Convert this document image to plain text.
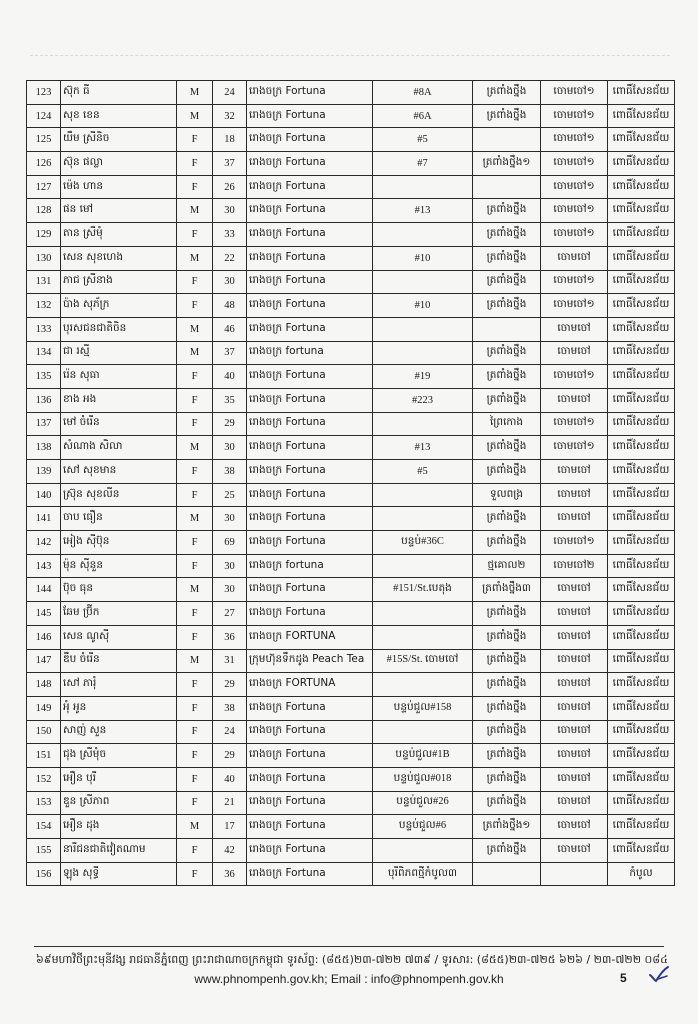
123	ស៊ុក ធី	M	24	រោងចក្រ Fortuna	#8A	ត្រពាំងថ្នឹង	ចោមចៅ១	ពោធិ៍សែនជ័យ
124	សុខ ខេន	M	32	រោងចក្រ Fortuna	#6A	ត្រពាំងថ្នឹង	ចោមចៅ១	ពោធិ៍សែនជ័យ
125	យឹម ស្រីនិច	F	18	រោងចក្រ Fortuna	#5		ចោមចៅ១	ពោធិ៍សែនជ័យ
126	ស៊ុន ផល្លា	F	37	រោងចក្រ Fortuna	#7	ត្រពាំងថ្នឹង១	ចោមចៅ១	ពោធិ៍សែនជ័យ
127	ម៉េង ហាន	F	26	រោងចក្រ Fortuna			ចោមចៅ១	ពោធិ៍សែនជ័យ
128	ផន មៅ	M	30	រោងចក្រ Fortuna	#13	ត្រពាំងថ្នឹង	ចោមចៅ១	ពោធិ៍សែនជ័យ
129	តាន ស្រីមុំ	F	33	រោងចក្រ Fortuna		ត្រពាំងថ្នឹង	ចោមចៅ១	ពោធិ៍សែនជ័យ
130	សេន សុខហេង	M	22	រោងចក្រ Fortuna	#10	ត្រពាំងថ្នឹង	ចោមចៅ	ពោធិ៍សែនជ័យ
131	ភាជ ស្រីនាង	F	30	រោងចក្រ Fortuna		ត្រពាំងថ្នឹង	ចោមចៅ១	ពោធិ៍សែនជ័យ
132	ប៉ាង សុភ័ក្រ	F	48	រោងចក្រ Fortuna	#10	ត្រពាំងថ្នឹង	ចោមចៅ១	ពោធិ៍សែនជ័យ
133	បុរសជនជាតិចិន	M	46	រោងចក្រ Fortuna			ចោមចៅ	ពោធិ៍សែនជ័យ
134	ជា រស្មី	M	37	រោងចក្រ fortuna		ត្រពាំងថ្នឹង	ចោមចៅ	ពោធិ៍សែនជ័យ
135	រ៉េន សុធា	F	40	រោងចក្រ Fortuna	#19	ត្រពាំងថ្នឹង	ចោមចៅ១	ពោធិ៍សែនជ័យ
136	ខាង អង	F	35	រោងចក្រ Fortuna	#223	ត្រពាំងថ្នឹង	ចោមចៅ	ពោធិ៍សែនជ័យ
137	មៅ ចំរើន	F	29	រោងចក្រ Fortuna		ព្រៃកោង	ចោមចៅ១	ពោធិ៍សែនជ័យ
138	សំណាង សិលា	M	30	រោងចក្រ Fortuna	#13	ត្រពាំងថ្នឹង	ចោមចៅ១	ពោធិ៍សែនជ័យ
139	សៅ សុខមាន	F	38	រោងចក្រ Fortuna	#5	ត្រពាំងថ្នឹង	ចោមចៅ	ពោធិ៍សែនជ័យ
140	ស្រ៊ុន សុខលីន	F	25	រោងចក្រ Fortuna		ទួលពង្រ	ចោមចៅ	ពោធិ៍សែនជ័យ
141	ចាប ធឿន	M	30	រោងចក្រ Fortuna		ត្រពាំងថ្នឹង	ចោមចៅ	ពោធិ៍សែនជ័យ
142	អៀង ស៊ីប៊ុន	F	69	រោងចក្រ Fortuna	បន្ទប់#36C	ត្រពាំងថ្នឹង	ចោមចៅ១	ពោធិ៍សែនជ័យ
143	ម៉ុន ស៊ីនួន	F	30	រោងចក្រ fortuna		ថ្មគោល២	ចោមចៅ២	ពោធិ៍សែនជ័យ
144	ប៊ុច ធុន	M	30	រោងចក្រ Fortuna	#151/St.បេតុង	ត្រពាំងថ្នឹង៣	ចោមចៅ	ពោធិ៍សែនជ័យ
145	ឆែម ប្រ៊ីក	F	27	រោងចក្រ Fortuna		ត្រពាំងថ្នឹង	ចោមចៅ	ពោធិ៍សែនជ័យ
146	សេន ណូស៊ី	F	36	រោងចក្រ FORTUNA		ត្រពាំងថ្នឹង	ចោមចៅ	ពោធិ៍សែនជ័យ
147	ឌឹប ចំរើន	M	31	ក្រុមហ៊ុនទឹកដូង Peach Tea	#15S/St. ចោមចៅ	ត្រពាំងថ្នឹង	ចោមចៅ	ពោធិ៍សែនជ័យ
148	សៅ ភារុំ	F	29	រោងចក្រ FORTUNA		ត្រពាំងថ្នឹង	ចោមចៅ	ពោធិ៍សែនជ័យ
149	អុំ អូន	F	38	រោងចក្រ Fortuna	បន្ទប់ជួល#158	ត្រពាំងថ្នឹង	ចោមចៅ	ពោធិ៍សែនជ័យ
150	សាញ់ សួន	F	24	រោងចក្រ Fortuna		ត្រពាំងថ្នឹង	ចោមចៅ	ពោធិ៍សែនជ័យ
151	ជុង ស្រីមុំច	F	29	រោងចក្រ Fortuna	បន្ទប់ជួល#1B	ត្រពាំងថ្នឹង	ចោមចៅ	ពោធិ៍សែនជ័យ
152	អឿន បុរី	F	40	រោងចក្រ Fortuna	បន្ទប់ជួល#018	ត្រពាំងថ្នឹង	ចោមចៅ	ពោធិ៍សែនជ័យ
153	ឌួន ស្រីភាព	F	21	រោងចក្រ Fortuna	បន្ទប់ជួល#26	ត្រពាំងថ្នឹង	ចោមចៅ	ពោធិ៍សែនជ័យ
154	អឿន ដុង	M	17	រោងចក្រ Fortuna	បន្ទប់ជួល#6	ត្រពាំងថ្នឹង១	ចោមចៅ	ពោធិ៍សែនជ័យ
155	នារីជនជាតិវៀតណាម	F	42	រោងចក្រ Fortuna		ត្រពាំងថ្នឹង	ចោមចៅ	ពោធិ៍សែនជ័យ
156	ឡុង សុទ្ធី	F	36	រោងចក្រ Fortuna	បុរីពិភពថ្មីកំបូល៣			កំបូល
៦៩មហាវិថីព្រះមុនីវង្ស រាជធានីភ្នំពេញ ព្រះរាជាណាចក្រកម្ពុជា ទូរស័ព្ទ: (៨៥៥)២៣-៧២២ ៧៣៩ / ទូរសារ: (៨៥៥)២៣-៧២៥ ៦២៦ / ២៣-៧២២ ០៨៤
www.phnompenh.gov.kh; Email : info@phnompenh.gov.kh	5
